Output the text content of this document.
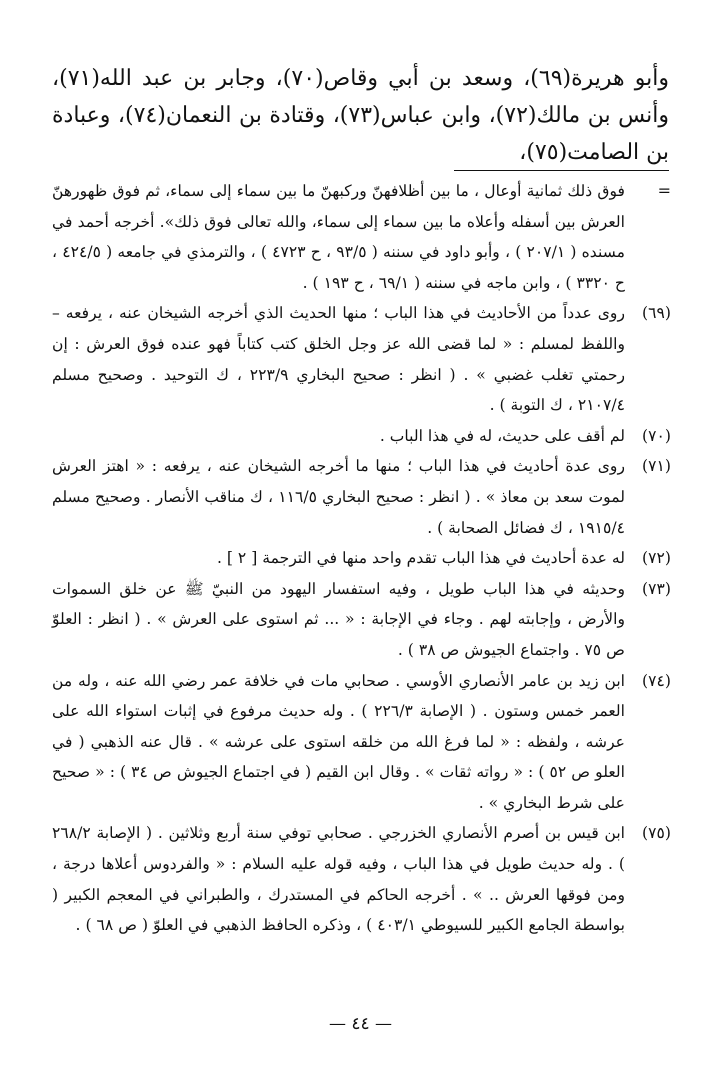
وأبو هريرة(٦٩)، وسعد بن أبي وقاص(٧٠)، وجابر بن عبد الله(٧١)، وأنس بن مالك(٧٢)، وابن عباس(٧٣)، وقتادة بن النعمان(٧٤)، وعبادة بن الصامت(٧٥)،
=
فوق ذلك ثمانية أوعال ، ما بين أظلافهنّ وركبهنّ ما بين سماء إلى سماء، ثم فوق ظهورهنّ العرش بين أسفله وأعلاه ما بين سماء إلى سماء، والله تعالى فوق ذلك». أخرجه أحمد في مسنده ( ٢٠٧/١ ) ، وأبو داود في سننه ( ٩٣/٥ ، ح ٤٧٢٣ ) ، والترمذي في جامعه ( ٤٢٤/٥ ، ح ٣٣٢٠ ) ، وابن ماجه في سننه ( ٦٩/١ ، ح ١٩٣ ) .
(٦٩)
روى عدداً من الأحاديث في هذا الباب ؛ منها الحديث الذي أخرجه الشيخان عنه ، يرفعه – واللفظ لمسلم : « لما قضى الله عز وجل الخلق كتب كتاباً فهو عنده فوق العرش : إن رحمتي تغلب غضبي » . ( انظر : صحيح البخاري ٢٢٣/٩ ، ك التوحيد . وصحيح مسلم ٢١٠٧/٤ ، ك التوبة ) .
(٧٠)
لم أقف على حديث، له في هذا الباب .
(٧١)
روى عدة أحاديث في هذا الباب ؛ منها ما أخرجه الشيخان عنه ، يرفعه : « اهتز العرش لموت سعد بن معاذ » . ( انظر : صحيح البخاري ١١٦/٥ ، ك مناقب الأنصار . وصحيح مسلم ١٩١٥/٤ ، ك فضائل الصحابة ) .
(٧٢)
له عدة أحاديث في هذا الباب تقدم واحد منها في الترجمة [ ٢ ] .
(٧٣)
وحديثه في هذا الباب طويل ، وفيه استفسار اليهود من النبيّ ﷺ عن خلق السموات والأرض ، وإجابته لهم . وجاء في الإجابة : « ... ثم استوى على العرش » . ( انظر : العلوّ ص ٧٥ . واجتماع الجيوش ص ٣٨ ) .
(٧٤)
ابن زيد بن عامر الأنصاري الأوسي . صحابي مات في خلافة عمر رضي الله عنه ، وله من العمر خمس وستون . ( الإصابة ٢٢٦/٣ ) . وله حديث مرفوع في إثبات استواء الله على عرشه ، ولفظه : « لما فرغ الله من خلقه استوى على عرشه » . قال عنه الذهبي ( في العلو ص ٥٢ ) : « رواته ثقات » . وقال ابن القيم ( في اجتماع الجيوش ص ٣٤ ) : « صحيح على شرط البخاري » .
(٧٥)
ابن قيس بن أصرم الأنصاري الخزرجي . صحابي توفي سنة أربع وثلاثين . ( الإصابة ٢٦٨/٢ ) . وله حديث طويل في هذا الباب ، وفيه قوله عليه السلام : « والفردوس أعلاها درجة ، ومن فوقها العرش .. » . أخرجه الحاكم في المستدرك ، والطبراني في المعجم الكبير ( بواسطة الجامع الكبير للسيوطي ٤٠٣/١ ) ، وذكره الحافظ الذهبي في العلوّ ( ص ٦٨ ) .
— ٤٤ —
